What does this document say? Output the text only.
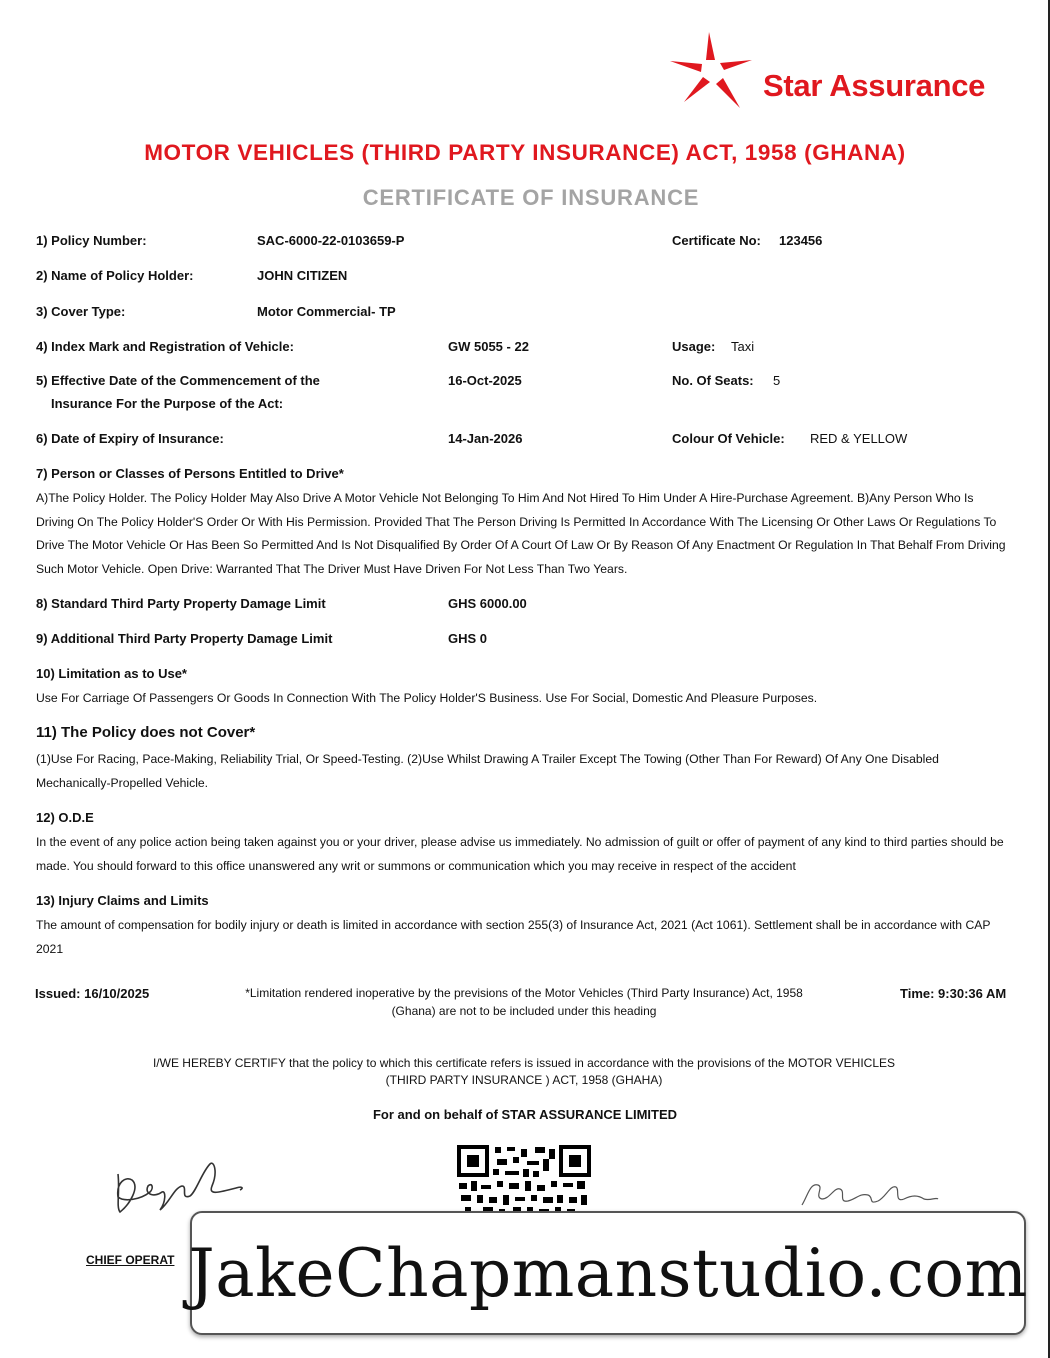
Star Assurance
MOTOR VEHICLES (THIRD PARTY INSURANCE) ACT, 1958 (GHANA)
CERTIFICATE OF INSURANCE
1) Policy Number:	SAC-6000-22-0103659-P	Certificate No: 123456
2) Name of Policy Holder:	JOHN CITIZEN
3) Cover Type:	Motor Commercial- TP
4) Index Mark and Registration of Vehicle:	GW 5055 - 22	Usage: Taxi
5) Effective Date of the Commencement of the
Insurance For the Purpose of the Act:
16-Oct-2025	No. Of Seats: 5
6) Date of Expiry of Insurance:	14-Jan-2026	Colour Of Vehicle: RED & YELLOW
7) Person or Classes of Persons Entitled to Drive*
A)The Policy Holder. The Policy Holder May Also Drive A Motor Vehicle Not Belonging To Him And Not Hired To Him Under A Hire-Purchase Agreement. B)Any Person Who Is Driving On The Policy Holder'S Order Or With His Permission. Provided That The Person Driving Is Permitted In Accordance With The Licensing Or Other Laws Or Regulations To Drive The Motor Vehicle Or Has Been So Permitted And Is Not Disqualified By Order Of A Court Of Law Or By Reason Of Any Enactment Or Regulation In That Behalf From Driving Such Motor Vehicle. Open Drive: Warranted That The Driver Must Have Driven For Not Less Than Two Years.
8) Standard Third Party Property Damage Limit	GHS 6000.00
9) Additional Third Party Property Damage Limit	GHS 0
10) Limitation as to Use*
Use For Carriage Of Passengers Or Goods In Connection With The Policy Holder'S Business. Use For Social, Domestic And Pleasure Purposes.
11) The Policy does not Cover*
(1)Use For Racing, Pace-Making, Reliability Trial, Or Speed-Testing. (2)Use Whilst Drawing A Trailer Except The Towing (Other Than For Reward) Of Any One Disabled Mechanically-Propelled Vehicle.
12) O.D.E
In the event of any police action being taken against you or your driver, please advise us immediately. No admission of guilt or offer of payment of any kind to third parties should be made. You should forward to this office unanswered any writ or summons or communication which you may receive in respect of the accident
13) Injury Claims and Limits
The amount of compensation for bodily injury or death is limited in accordance with section 255(3) of Insurance Act, 2021 (Act 1061). Settlement shall be in accordance with CAP 2021
Issued: 16/10/2025	*Limitation rendered inoperative by the previsions of the Motor Vehicles (Third Party Insurance) Act, 1958 (Ghana) are not to be included under this heading
Time: 9:30:36 AM
I/WE HEREBY CERTIFY that the policy to which this certificate refers is issued in accordance with the provisions of the MOTOR VEHICLES (THIRD PARTY INSURANCE ) ACT, 1958 (GHAHA)
For and on behalf of STAR ASSURANCE LIMITED
CHIEF OPERAT JakeChapmanstudio.com
